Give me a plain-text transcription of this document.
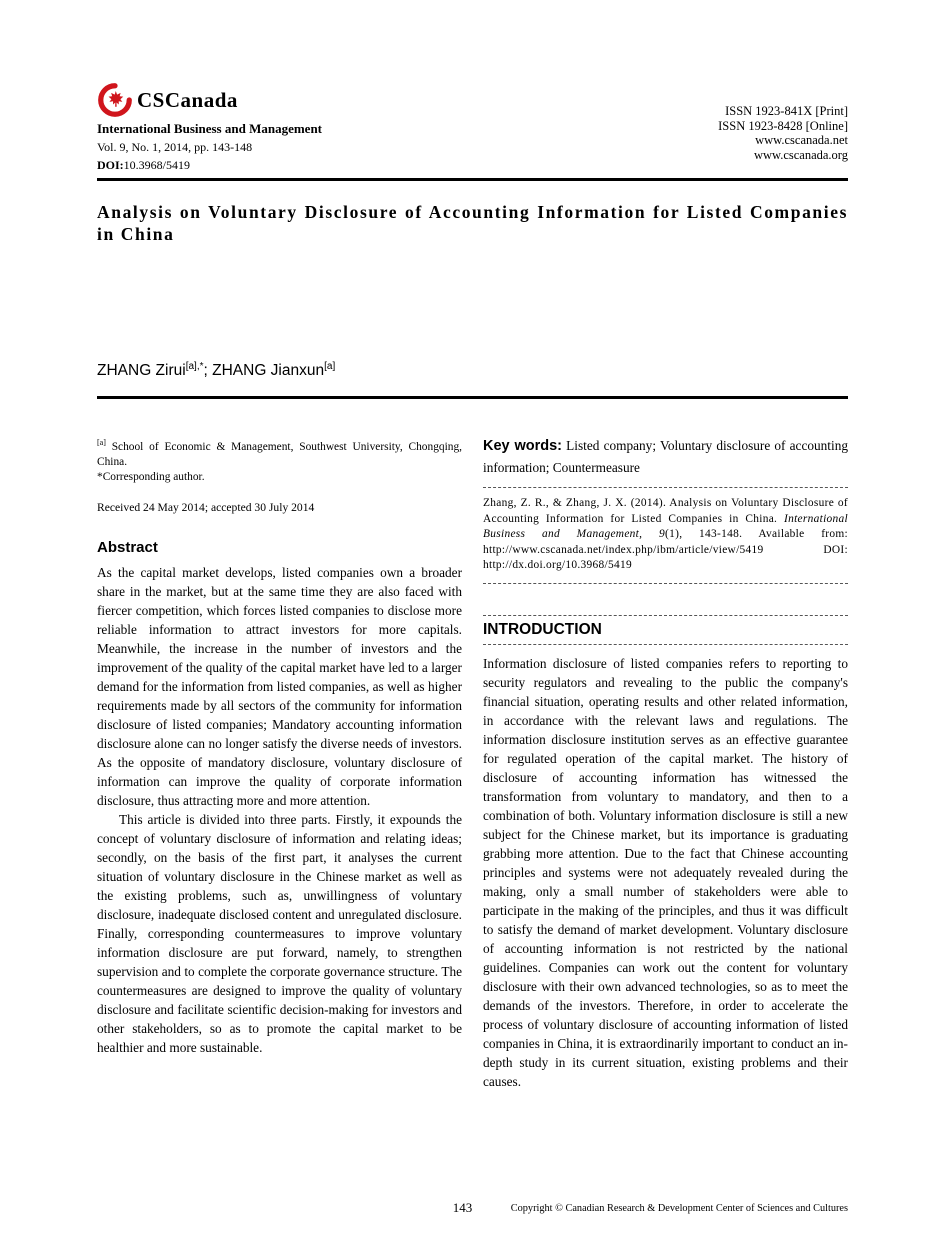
CSCanada
International Business and Management
Vol. 9, No. 1, 2014, pp. 143-148
DOI:10.3968/5419
ISSN 1923-841X [Print]
ISSN 1923-8428 [Online]
www.cscanada.net
www.cscanada.org
Analysis on Voluntary Disclosure of Accounting Information for Listed Companies in China
ZHANG Zirui$^{[a],*}$; ZHANG Jianxun[a]
[a] School of Economic & Management, Southwest University, Chongqing, China.
*Corresponding author.
Received 24 May 2014; accepted 30 July 2014
Abstract

As the capital market develops, listed companies own a broader share in the market, but at the same time they are also faced with fiercer competition, which forces listed companies to disclose more reliable information to attract investors for more capitals. Meanwhile, the increase in the number of investors and the improvement of the quality of the capital market have led to a larger demand for the information from listed companies, as well as higher requirements made by all sectors of the community for information disclosure of listed companies; Mandatory accounting information disclosure alone can no longer satisfy the diverse needs of investors. As the opposite of mandatory disclosure, voluntary disclosure of information can improve the quality of corporate information disclosure, thus attracting more and more attention.

This article is divided into three parts. Firstly, it expounds the concept of voluntary disclosure of information and relating ideas; secondly, on the basis of the first part, it analyses the current situation of voluntary disclosure in the Chinese market as well as the existing problems, such as, unwillingness of voluntary disclosure, inadequate disclosed content and unregulated disclosure. Finally, corresponding countermeasures to improve voluntary information disclosure are put forward, namely, to strengthen supervision and to complete the corporate governance structure. The countermeasures are designed to improve the quality of voluntary disclosure and facilitate scientific decision-making for investors and other stakeholders, so as to promote the capital market to be healthier and more sustainable.

Key words: Listed company; Voluntary disclosure of accounting information; Countermeasure

Zhang, Z. R., & Zhang, J. X. (2014). Analysis on Voluntary Disclosure of Accounting Information for Listed Companies in China. International Business and Management, 9(1), 143-148. Available from: http://www.cscanada.net/index.php/ibm/article/view/5419 DOI: http://dx.doi.org/10.3968/5419

INTRODUCTION

Information disclosure of listed companies refers to reporting to security regulators and revealing to the public the company's financial situation, operating results and other related information, in accordance with the relevant laws and regulations. The information disclosure institution serves as an effective guarantee for regulated operation of the capital market. The history of disclosure of accounting information has witnessed the transformation from voluntary to mandatory, and then to a combination of both. Voluntary information disclosure is still a new subject for the Chinese market, but its importance is graduating grabbing more attention. Due to the fact that Chinese accounting principles and systems were not adequately revealed during the making, only a small number of stakeholders were able to participate in the making of the principles, and thus it was difficult to satisfy the demand of market development. Voluntary disclosure of accounting information is not restricted by the national guidelines. Companies can work out the content for voluntary disclosure with their own advanced technologies, so as to meet the demands of the investors. Therefore, in order to accelerate the process of voluntary disclosure of accounting information of listed companies in China, it is extraordinarily important to conduct an in-depth study in its current situation, existing problems and their causes.

143	Copyright © Canadian Research & Development Center of Sciences and Cultures
